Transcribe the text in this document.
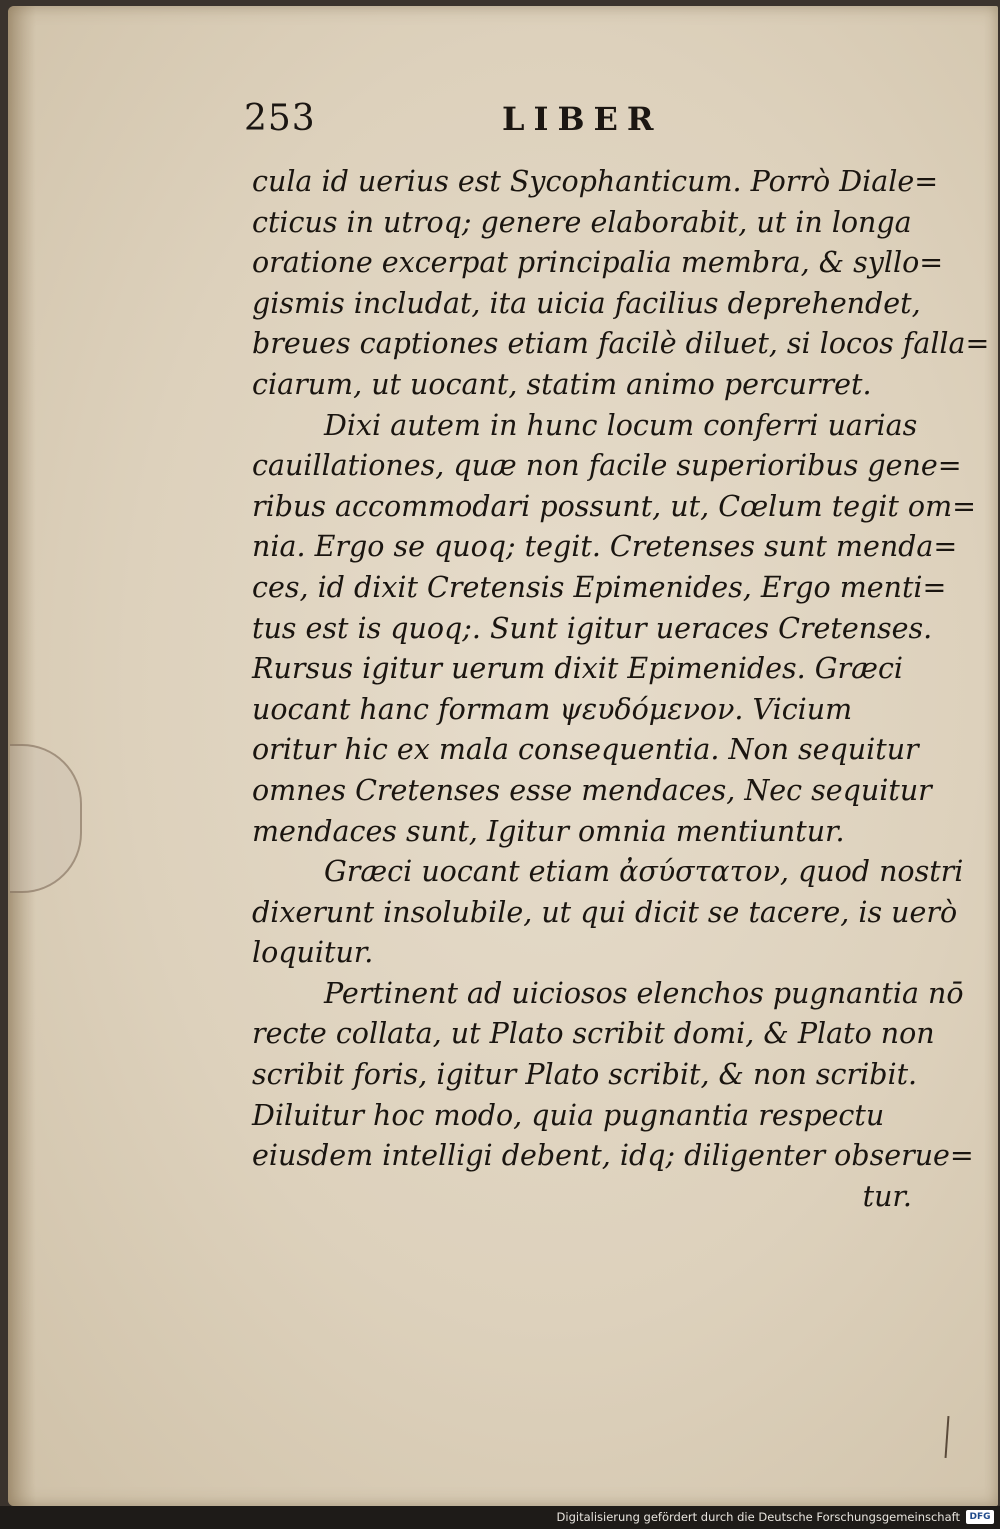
253	LIBER
cula id uerius est Sycophanticum. Porrò Diale=
cticus in utroq; genere elaborabit, ut in longa
oratione excerpat principalia membra, & syllo=
gismis includat, ita uicia facilius deprehendet,
breues captiones etiam facilè diluet, si locos falla=
ciarum, ut uocant, statim animo percurret.
Dixi autem in hunc locum conferri uarias
cauillationes, quæ non facile superioribus gene=
ribus accommodari possunt, ut, Cœlum tegit om=
nia. Ergo se quoq; tegit. Cretenses sunt menda=
ces, id dixit Cretensis Epimenides, Ergo menti=
tus est is quoq;. Sunt igitur ueraces Cretenses.
Rursus igitur uerum dixit Epimenides. Græci
uocant hanc formam ψευδόμενον. Vicium
oritur hic ex mala consequentia. Non sequitur
omnes Cretenses esse mendaces, Nec sequitur
mendaces sunt, Igitur omnia mentiuntur.
Græci uocant etiam ἀσύστατον, quod nostri
dixerunt insolubile, ut qui dicit se tacere, is uerò
loquitur.
Pertinent ad uiciosos elenchos pugnantia nō
recte collata, ut Plato scribit domi, & Plato non
scribit foris, igitur Plato scribit, & non scribit.
Diluitur hoc modo, quia pugnantia respectu
eiusdem intelligi debent, idq; diligenter obserue=
tur.
Digitalisierung gefördert durch die Deutsche Forschungsgemeinschaft	DFG
